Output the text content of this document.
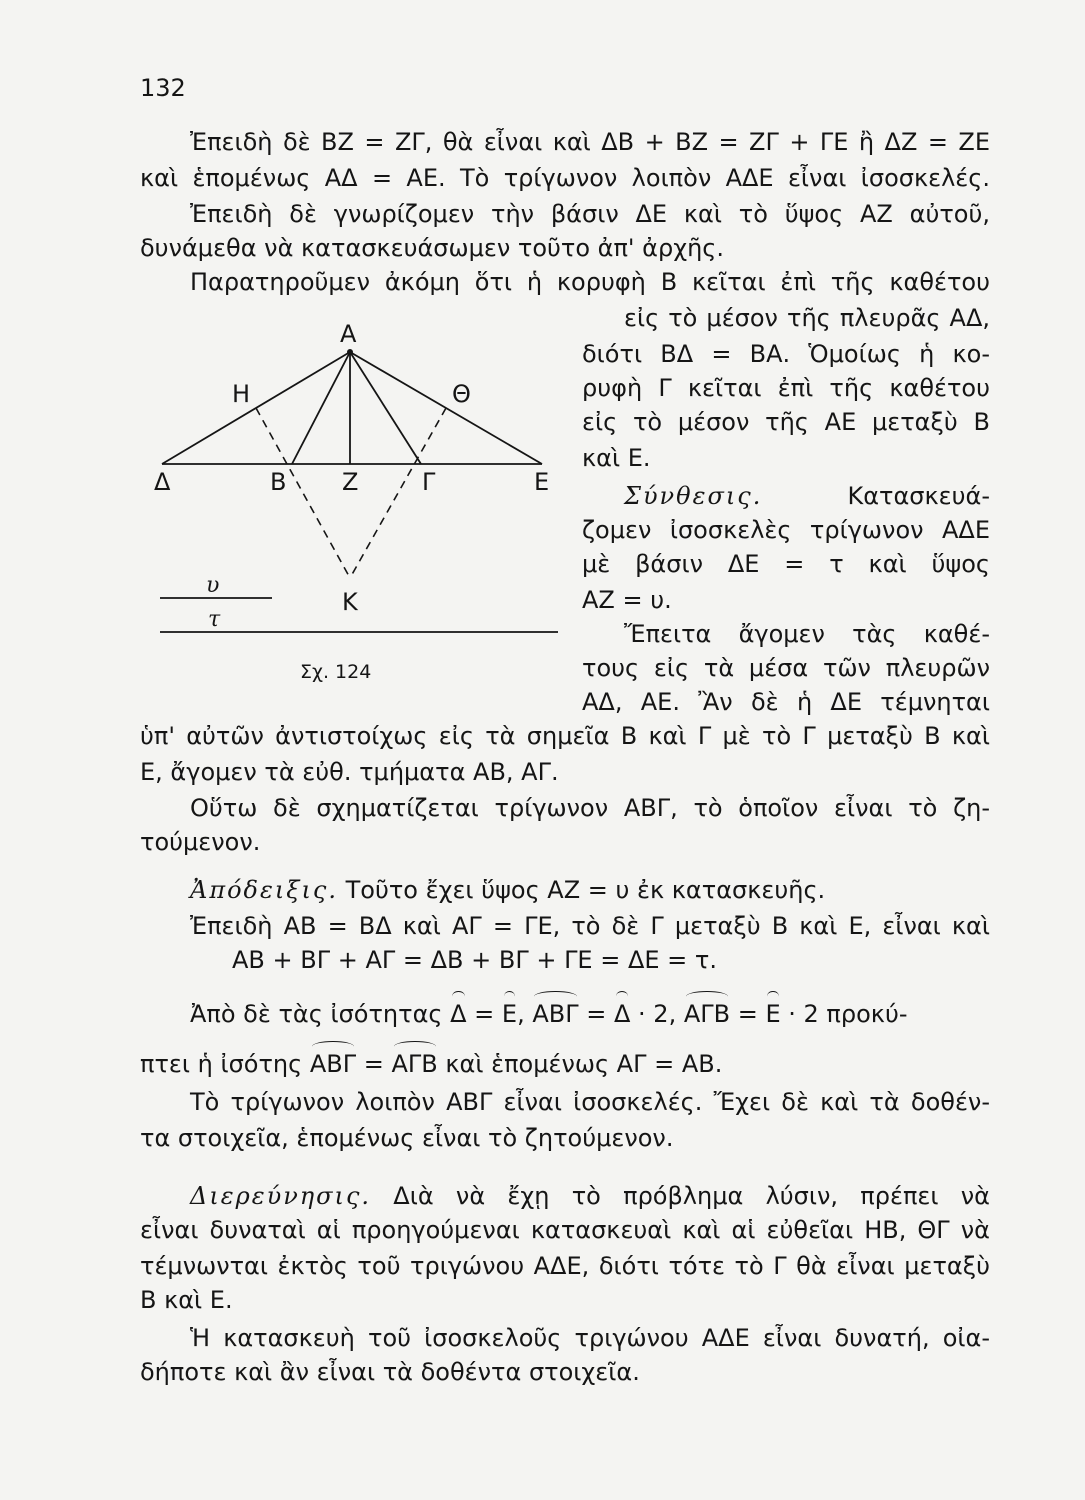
132
Ἐπειδὴ δὲ ΒΖ = ΖΓ, θὰ εἶναι καὶ ΔΒ + ΒΖ = ΖΓ + ΓΕ ἢ ΔΖ = ΖΕ
καὶ ἑπομένως ΑΔ = ΑΕ. Τὸ τρίγωνον λοιπὸν ΑΔΕ εἶναι ἰσοσκελές.
Ἐπειδὴ δὲ γνωρίζομεν τὴν βάσιν ΔΕ καὶ τὸ ὕψος ΑΖ αὐτοῦ,
δυνάμεθα νὰ κατασκευάσωμεν τοῦτο ἀπ' ἀρχῆς.
Παρατηροῦμεν ἀκόμη ὅτι ἡ κορυφὴ Β κεῖται ἐπὶ τῆς καθέτου
εἰς τὸ μέσον τῆς πλευρᾶς ΑΔ,
διότι ΒΔ = ΒΑ. Ὁμοίως ἡ κο-
ρυφὴ Γ κεῖται ἐπὶ τῆς καθέτου
εἰς τὸ μέσον τῆς ΑΕ μεταξὺ Β
καὶ Ε.
Σύνθεσις.	Κατασκευά-
ζομεν ἰσοσκελὲς τρίγωνον ΑΔΕ
μὲ βάσιν ΔΕ = τ καὶ ὕψος
ΑΖ = υ.
Ἔπειτα ἄγομεν τὰς καθέ-
τους εἰς τὰ μέσα τῶν πλευρῶν
ΑΔ, ΑΕ. Ἂν δὲ ἡ ΔΕ τέμνηται
Α
Η	Θ
Δ	Β Ζ	Γ	Ε
Κ
υ
τ
Σχ. 124
ὑπ' αὐτῶν ἀντιστοίχως εἰς τὰ σημεῖα Β καὶ Γ μὲ τὸ Γ μεταξὺ Β καὶ
Ε, ἄγομεν τὰ εὐθ. τμήματα ΑΒ, ΑΓ.
Οὕτω δὲ σχηματίζεται τρίγωνον ΑΒΓ, τὸ ὁποῖον εἶναι τὸ ζη-
τούμενον.
Ἀπόδειξις. Τοῦτο ἔχει ὕψος ΑΖ = υ ἐκ κατασκευῆς.
Ἐπειδὴ ΑΒ = ΒΔ καὶ ΑΓ = ΓΕ, τὸ δὲ Γ μεταξὺ Β καὶ Ε, εἶναι καὶ
ΑΒ + ΒΓ + ΑΓ = ΔΒ + ΒΓ + ΓΕ = ΔΕ = τ.
Ἀπὸ δὲ τὰς ἰσότητας Δ = Ε, ΑΒΓ = Δ · 2, ΑΓΒ = Ε · 2 προκύ-
πτει ἡ ἰσότης ΑΒΓ = ΑΓΒ καὶ ἑπομένως ΑΓ = ΑΒ.
Τὸ τρίγωνον λοιπὸν ΑΒΓ εἶναι ἰσοσκελές. Ἔχει δὲ καὶ τὰ δοθέν-
τα στοιχεῖα, ἑπομένως εἶναι τὸ ζητούμενον.
Διερεύνησις. Διὰ νὰ ἔχῃ τὸ πρόβλημα λύσιν, πρέπει νὰ
εἶναι δυναταὶ αἱ προηγούμεναι κατασκευαὶ καὶ αἱ εὐθεῖαι ΗΒ, ΘΓ νὰ
τέμνωνται ἐκτὸς τοῦ τριγώνου ΑΔΕ, διότι τότε τὸ Γ θὰ εἶναι μεταξὺ
Β καὶ Ε.
Ἡ κατασκευὴ τοῦ ἰσοσκελοῦς τριγώνου ΑΔΕ εἶναι δυνατή, οἰα-
δήποτε καὶ ἂν εἶναι τὰ δοθέντα στοιχεῖα.
